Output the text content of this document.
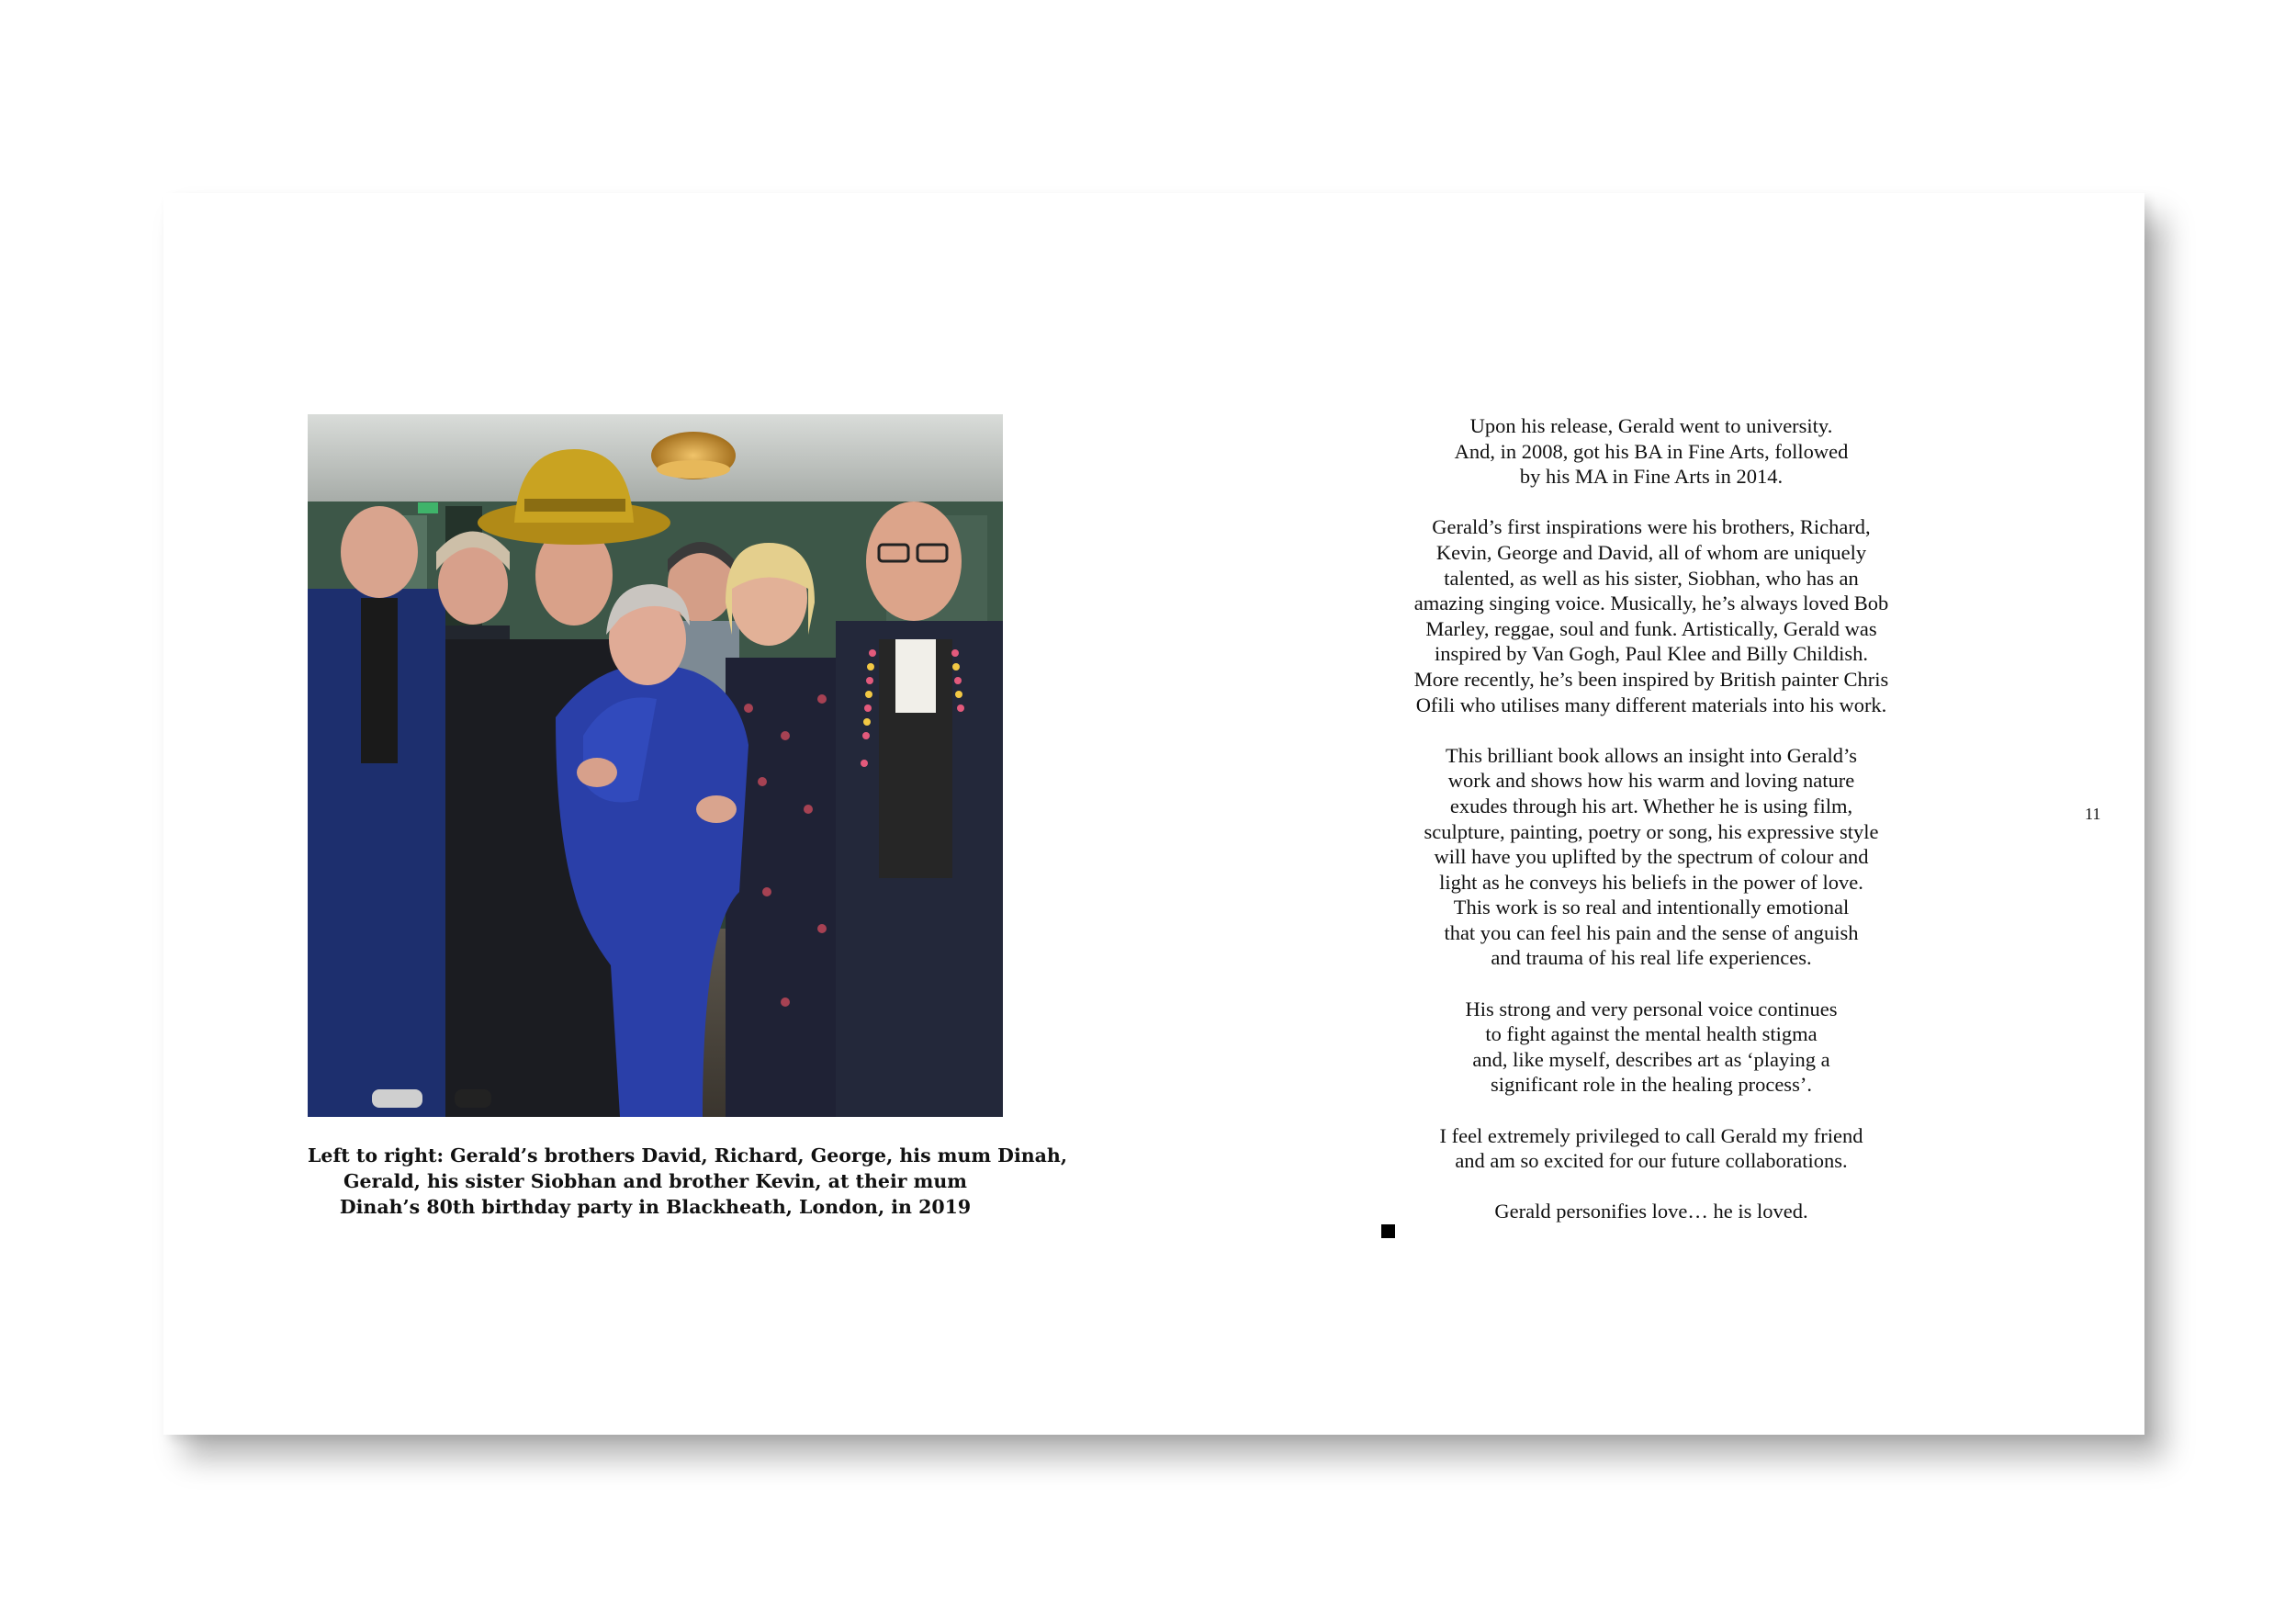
Left to right: Gerald’s brothers David, Richard, George, his mum Dinah,
Gerald, his sister Siobhan and brother Kevin, at their mum
Dinah’s 80th birthday party in Blackheath, London, in 2019

Upon his release, Gerald went to university.
And, in 2008, got his BA in Fine Arts, followed
by his MA in Fine Arts in 2014.

Gerald’s first inspirations were his brothers, Richard,
Kevin, George and David, all of whom are uniquely
talented, as well as his sister, Siobhan, who has an
amazing singing voice. Musically, he’s always loved Bob
Marley, reggae, soul and funk. Artistically, Gerald was
inspired by Van Gogh, Paul Klee and Billy Childish.
More recently, he’s been inspired by British painter Chris
Ofili who utilises many different materials into his work.

This brilliant book allows an insight into Gerald’s
work and shows how his warm and loving nature
exudes through his art. Whether he is using film,
sculpture, painting, poetry or song, his expressive style
will have you uplifted by the spectrum of colour and
light as he conveys his beliefs in the power of love.
This work is so real and intentionally emotional
that you can feel his pain and the sense of anguish
and trauma of his real life experiences.

His strong and very personal voice continues
to fight against the mental health stigma
and, like myself, describes art as ‘playing a
significant role in the healing process’.

I feel extremely privileged to call Gerald my friend
and am so excited for our future collaborations.

Gerald personifies love… he is loved.

11
